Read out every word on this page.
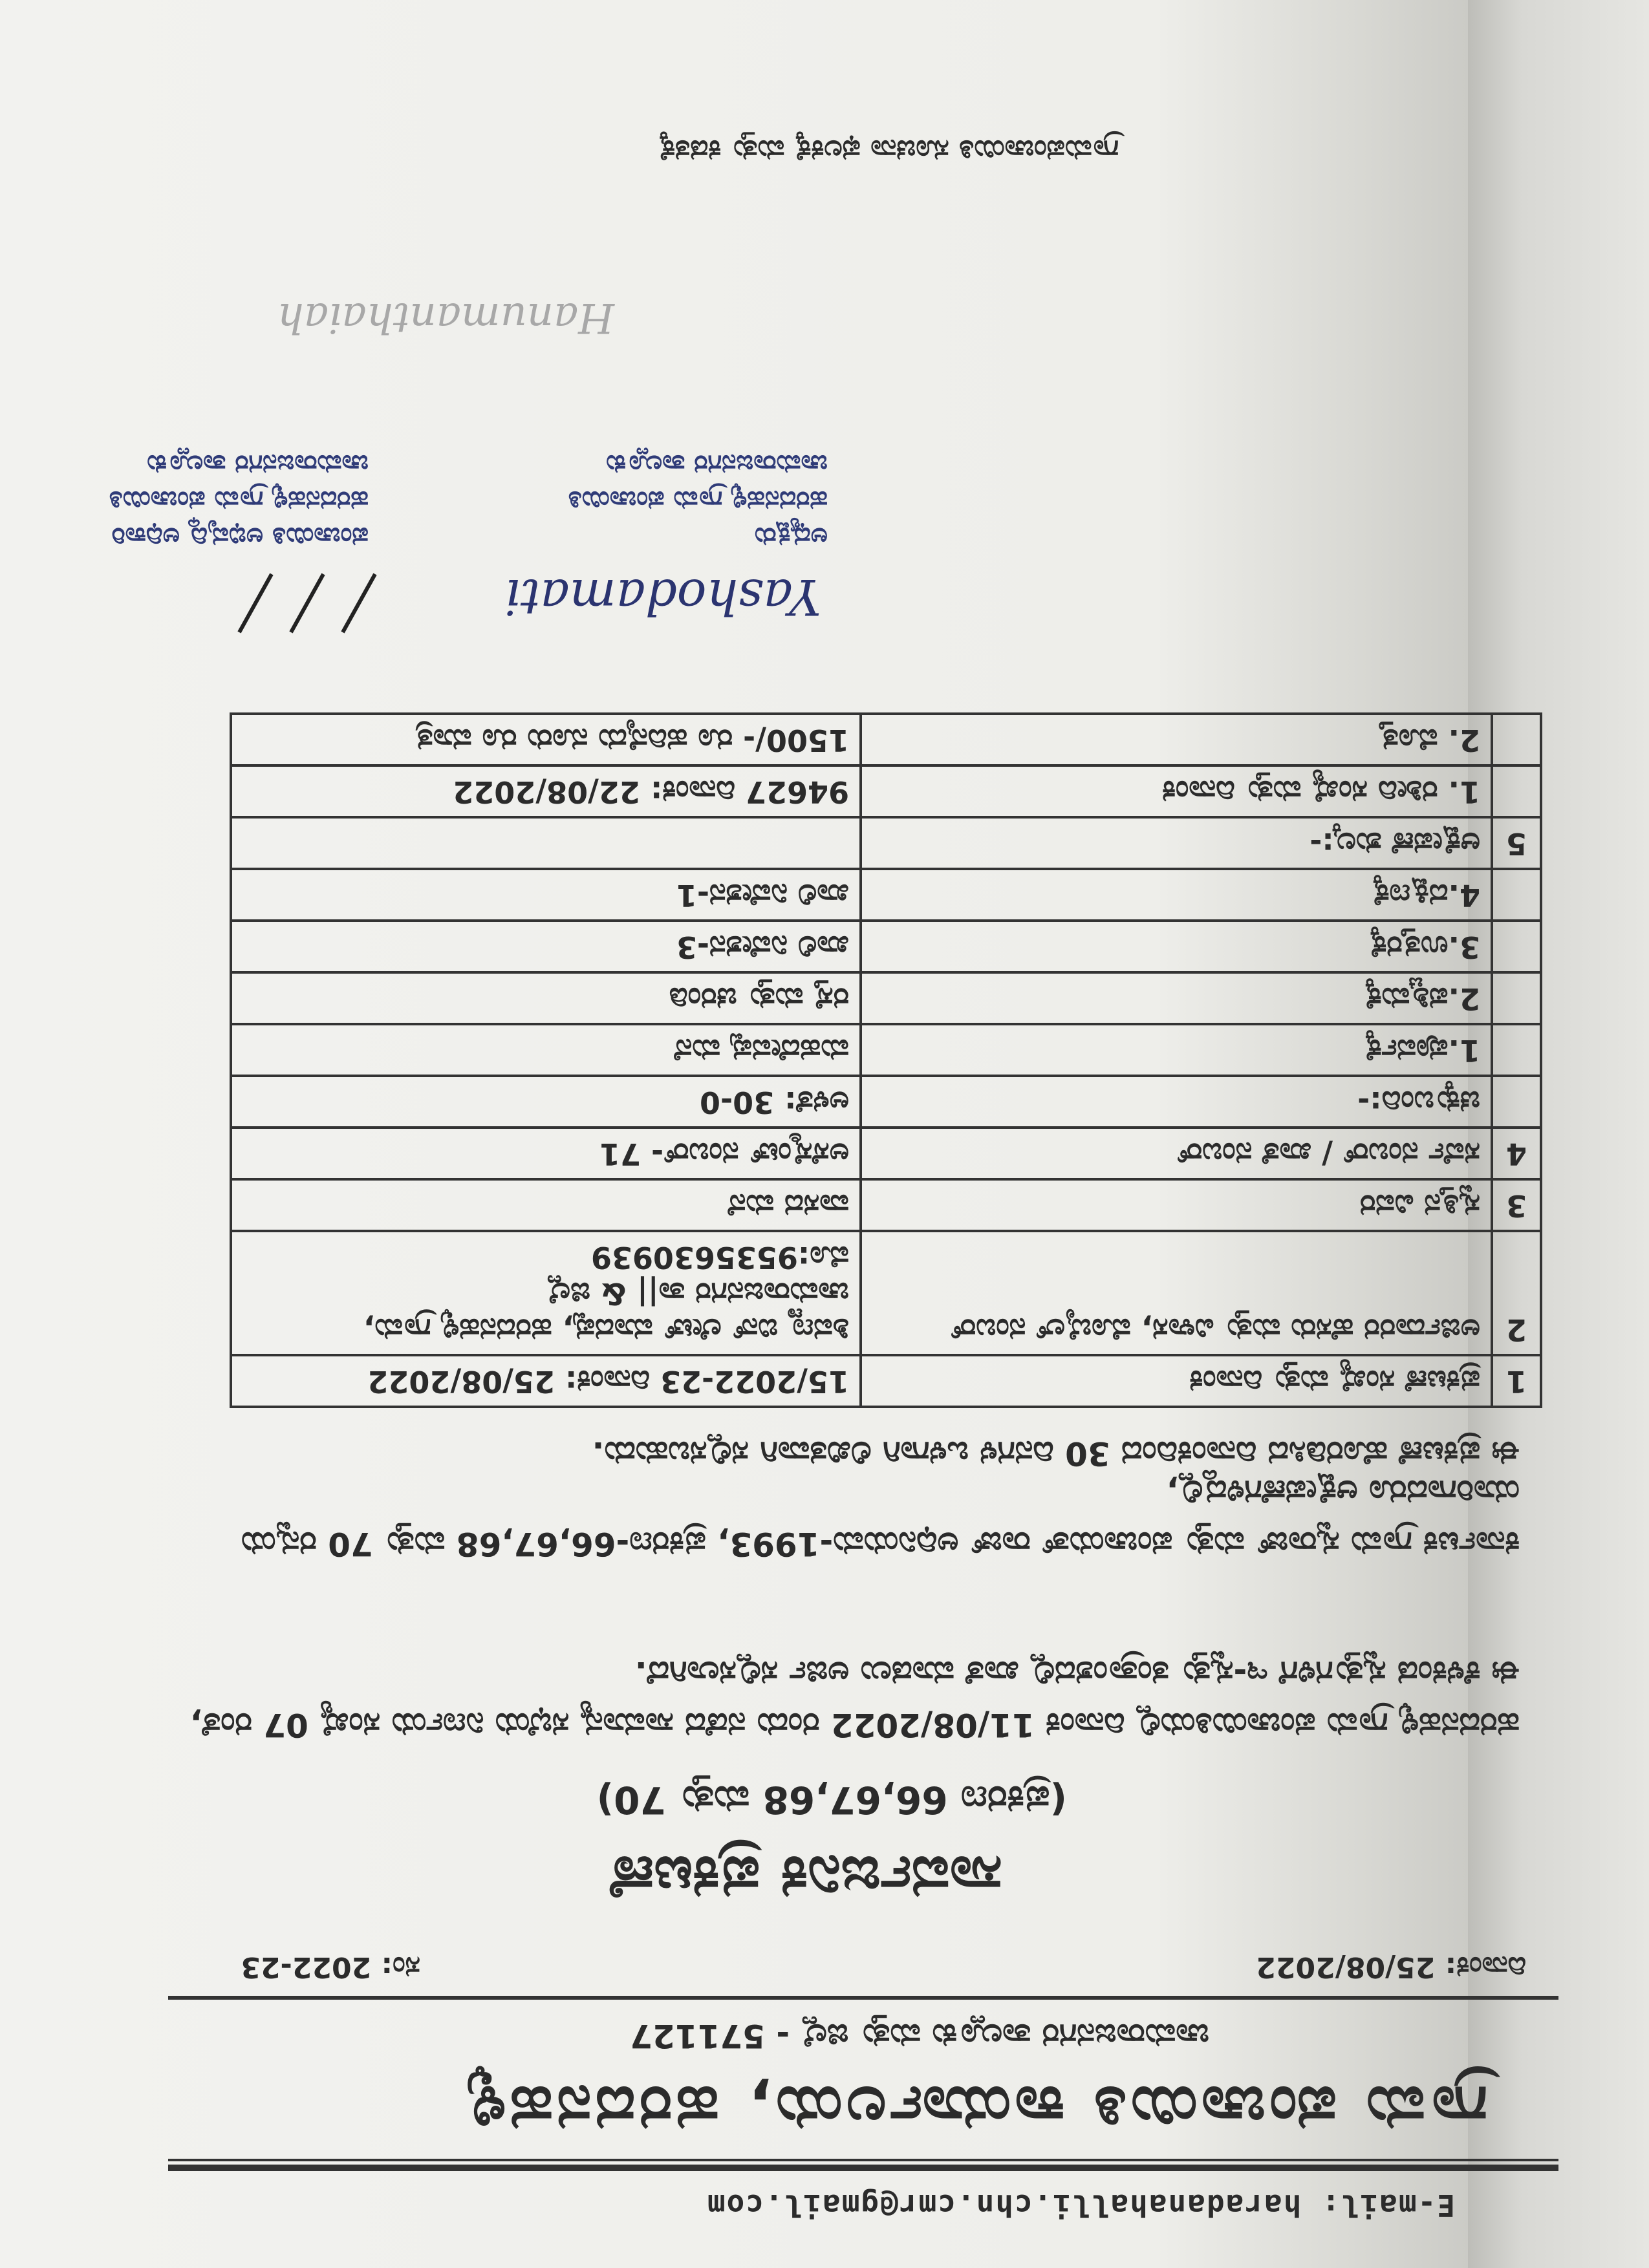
E-mail: haradanahalli.chn.cmr@gmail.com
ಗ್ರಾಮ ಪಂಚಾಯಿತಿ ಕಾರ್ಯಾಲಯ, ಹರದನಹಳ್ಳಿ
ಚಾಮರಾಜನಗರ ತಾಲ್ಲೂಕು ಮತ್ತು ಜಿಲ್ಲೆ - 571127
ಸಂ: 2022-23	ದಿನಾಂಕ: 25/08/2022
ಸಾರ್ವಜನಿಕ ಪ್ರಕಟಣೆ
(ಪ್ರಕರಣ 66,67,68 ಮತ್ತು 70)
ಹರದನಹಳ್ಳಿ ಗ್ರಾಮ ಪಂಚಾಯಿತಿಯಲ್ಲಿ ದಿನಾಂಕ 11/08/2022 ರಂದು ನಡೆದ ಸಾಮಾನ್ಯ ಸಭೆಯ ನಿರ್ಣಯ ಸಂಖ್ಯೆ 07 ರಂತೆ, ಈ ಕೆಳಕಂಡ ಸ್ವತ್ತುಗಳಿಗೆ ಇ-ಸ್ವತ್ತು ತಂತ್ರಾಂಶದಲ್ಲಿ ಖಾತೆ ಮಾಡಲು ಅರ್ಜಿ ಸಲ್ಲಿಸಲಾಗಿದೆ.
ಕರ್ನಾಟಕ ಗ್ರಾಮ ಸ್ವರಾಜ್ ಮತ್ತು ಪಂಚಾಯತ್ ರಾಜ್ ಅಧಿನಿಯಮ-1993, ಪ್ರಕರಣ-66,67,68 ಮತ್ತು 70 ರನ್ವಯ ಯಾರಿಗಾದರೂ ಆಕ್ಷೇಪಣೆಗಳಿದ್ದಲ್ಲಿ,
ಈ ಪ್ರಕಟಣೆ ಹೊರಡಿಸಿದ ದಿನಾಂಕದಿಂದ 30 ದಿನಗಳ ಒಳಗಾಗಿ ಲಿಖಿತವಾಗಿ ಸಲ್ಲಿಸಬಹುದು.
1	ಪ್ರಕಟಣೆ ಸಂಖ್ಯೆ ಮತ್ತು ದಿನಾಂಕ	15/2022-23 ದಿನಾಂಕ: 25/08/2022

2	ಅರ್ಜಿದಾರರ ಹೆಸರು ಮತ್ತು ವಿಳಾಸ, ಮೊಬೈಲ್ ನಂಬರ್	ಶಿವಣ್ಣ ಬಿನ್ ಲೇಟ್ ಮಾದಪ್ಪ, ಹರದನಹಳ್ಳಿ ಗ್ರಾಮ, ಚಾಮರಾಜನಗರ ತಾ|| & ಜಿಲ್ಲೆ
ಮೊ:9535630939

3	ಸ್ವತ್ತಿನ ವಿವರ	ವಾಸದ ಮನೆ

4	ಸರ್ವೆ ನಂಬರ್ / ಖಾತೆ ನಂಬರ್	ಅಸೆಸ್ಮೆಂಟ್ ನಂಬರ್- 71

	ಚಕ್ಕುಬಂದಿ:-	ಅಳತೆ: 30-0

	1.ಪೂರ್ವಕ್ಕೆ	ಮಹದೇವಪ್ಪ ಮನೆ

	2.ಪಶ್ಚಿಮಕ್ಕೆ	ರಸ್ತೆ ಮತ್ತು ಚರಂಡಿ

	3.ಉತ್ತರಕ್ಕೆ	ಖಾಲಿ ನಿವೇಶನ-3

	4.ದಕ್ಷಿಣಕ್ಕೆ	ಖಾಲಿ ನಿವೇಶನ-1

5	ಆಕ್ಷೇಪಣೆ ಶುಲ್ಕ:-	

	1. ರಶೀದಿ ಸಂಖ್ಯೆ ಮತ್ತು ದಿನಾಂಕ	94627 ದಿನಾಂಕ: 22/08/2022

	2. ಮೊತ್ತ	1500/- ರೂ ಹದಿನೈದು ನೂರು ರೂ ಮಾತ್ರ
Yashodamati
ಅಧ್ಯಕ್ಷರು
ಹರದನಹಳ್ಳಿ ಗ್ರಾಮ ಪಂಚಾಯಿತಿ
ಚಾಮರಾಜನಗರ ತಾಲ್ಲೂಕು
ಪಂಚಾಯಿತಿ ಅಭಿವೃದ್ಧಿ ಅಧಿಕಾರಿ
ಹರದನಹಳ್ಳಿ ಗ್ರಾಮ ಪಂಚಾಯಿತಿ
ಚಾಮರಾಜನಗರ ತಾಲ್ಲೂಕು
Hanumanthaiah
ಗ್ರಾಮಪಂಚಾಯಿತಿ ಸೂಚನಾ ಫಲಕಕ್ಕೆ ಮತ್ತು ಕಡತಕ್ಕೆ
